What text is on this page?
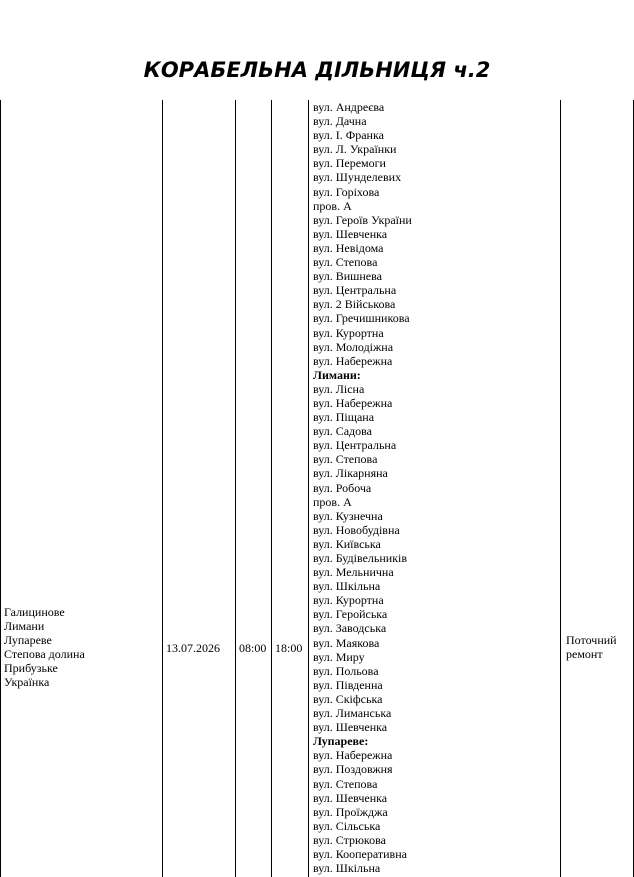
КОРАБЕЛЬНА ДІЛЬНИЦЯ ч.2
Галицинове
Лимани
Лупареве
Степова долина
Прибузьке
Українка
13.07.2026 08:00 18:00
Поточний
ремонт
вул. Андреєва
вул. Дачна
вул. І. Франка
вул. Л. Українки
вул. Перемоги
вул. Шунделевих
вул. Горіхова
пров. А
вул. Героїв України
вул. Шевченка
вул. Невідома
вул. Степова
вул. Вишнева
вул. Центральна
вул. 2 Військова
вул. Гречишникова
вул. Курортна
вул. Молодіжна
вул. Набережна
Лимани:
вул. Лісна
вул. Набережна
вул. Піщана
вул. Садова
вул. Центральна
вул. Степова
вул. Лікарняна
вул. Робоча
пров. А
вул. Кузнечна
вул. Новобудівна
вул. Київська
вул. Будівельників
вул. Мельнична
вул. Шкільна
вул. Курортна
вул. Геройська
вул. Заводська
вул. Маякова
вул. Миру
вул. Польова
вул. Південна
вул. Скіфська
вул. Лиманська
вул. Шевченка
Лупареве:
вул. Набережна
вул. Поздовжня
вул. Степова
вул. Шевченка
вул. Проїжджа
вул. Сільська
вул. Стрюкова
вул. Кооперативна
вул. Шкільна
